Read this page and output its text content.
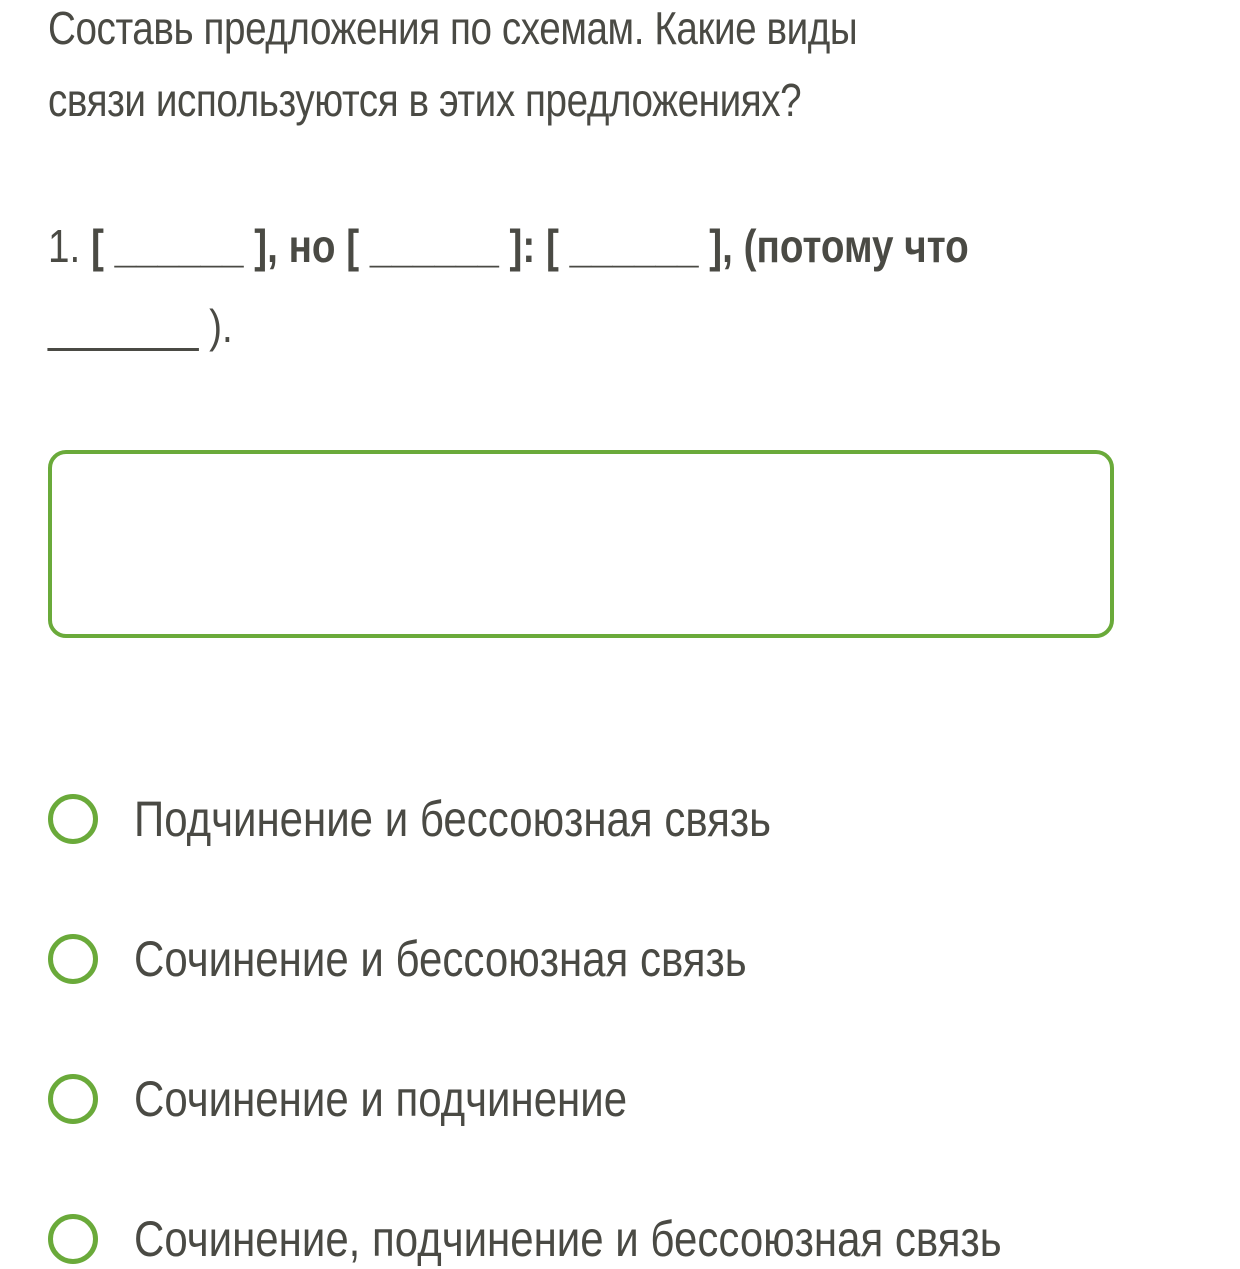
Составь предложения по схемам. Какие виды
связи используются в этих предложениях?
1. [ ______ ], но [ ______ ]: [ ______ ], (потому что
_______ ).
Подчинение и бессоюзная связь
Сочинение и бессоюзная связь
Сочинение и подчинение
Сочинение, подчинение и бессоюзная связь
